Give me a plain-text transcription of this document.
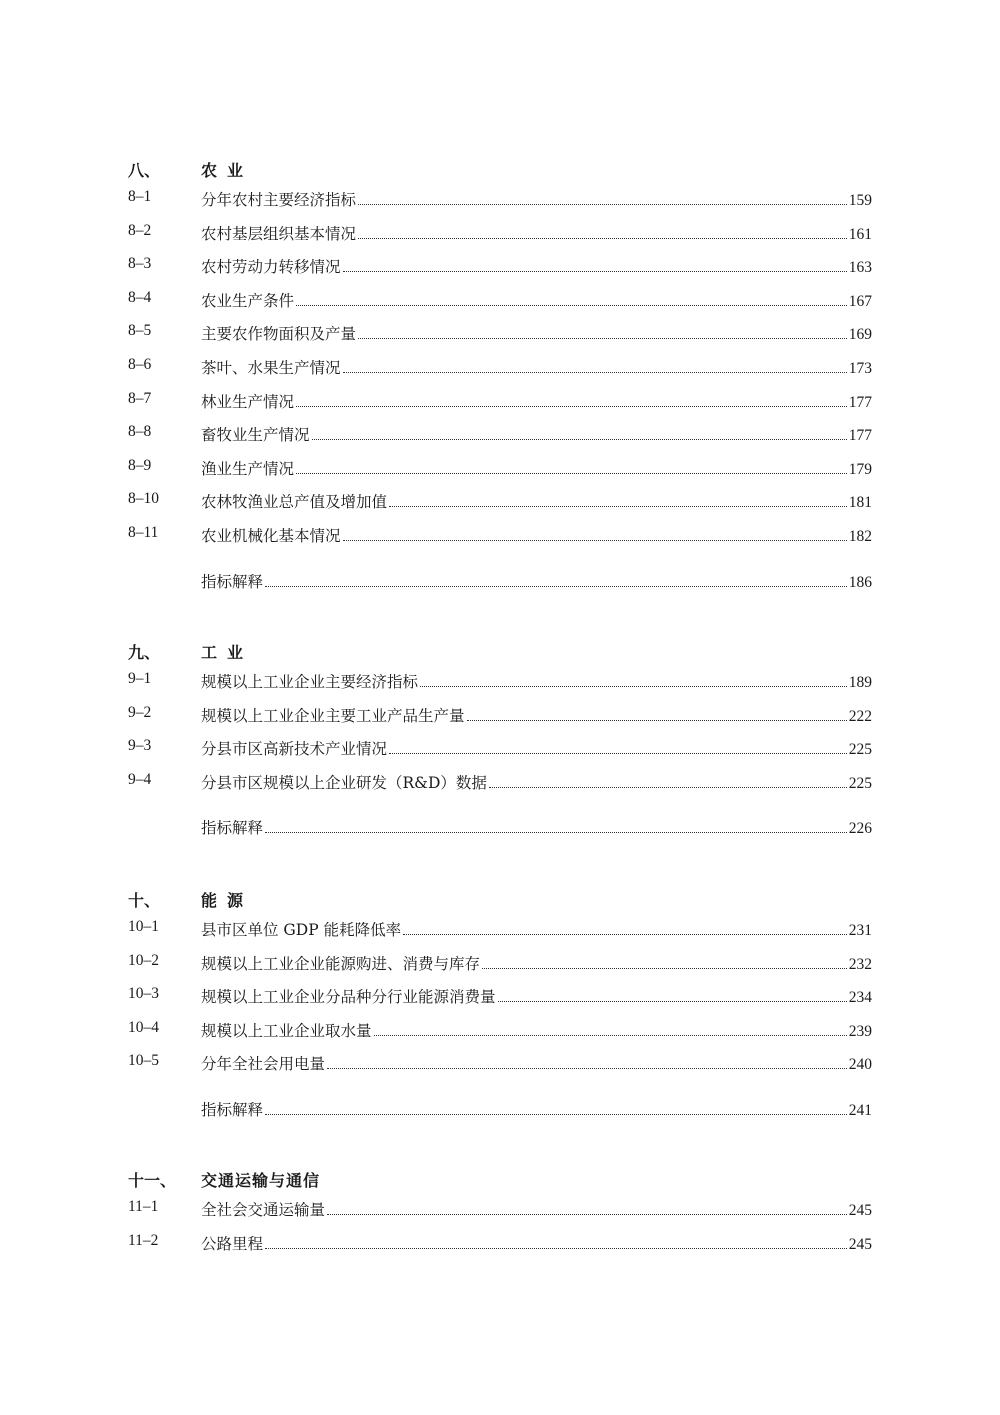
八、	农业
8–1	分年农村主要经济指标	159
8–2	农村基层组织基本情况	161
8–3	农村劳动力转移情况	163
8–4	农业生产条件	167
8–5	主要农作物面积及产量	169
8–6	茶叶、水果生产情况	173
8–7	林业生产情况	177
8–8	畜牧业生产情况	177
8–9	渔业生产情况	179
8–10	农林牧渔业总产值及增加值	181
8–11	农业机械化基本情况	182
指标解释	186
九、	工业
9–1	规模以上工业企业主要经济指标	189
9–2	规模以上工业企业主要工业产品生产量	222
9–3	分县市区高新技术产业情况	225
9–4	分县市区规模以上企业研发（R&D）数据	225
指标解释	226
十、	能源
10–1	县市区单位 GDP 能耗降低率	231
10–2	规模以上工业企业能源购进、消费与库存	232
10–3	规模以上工业企业分品种分行业能源消费量	234
10–4	规模以上工业企业取水量	239
10–5	分年全社会用电量	240
指标解释	241
十一、 交通运输与通信
11–1	全社会交通运输量	245
11–2	公路里程	245
